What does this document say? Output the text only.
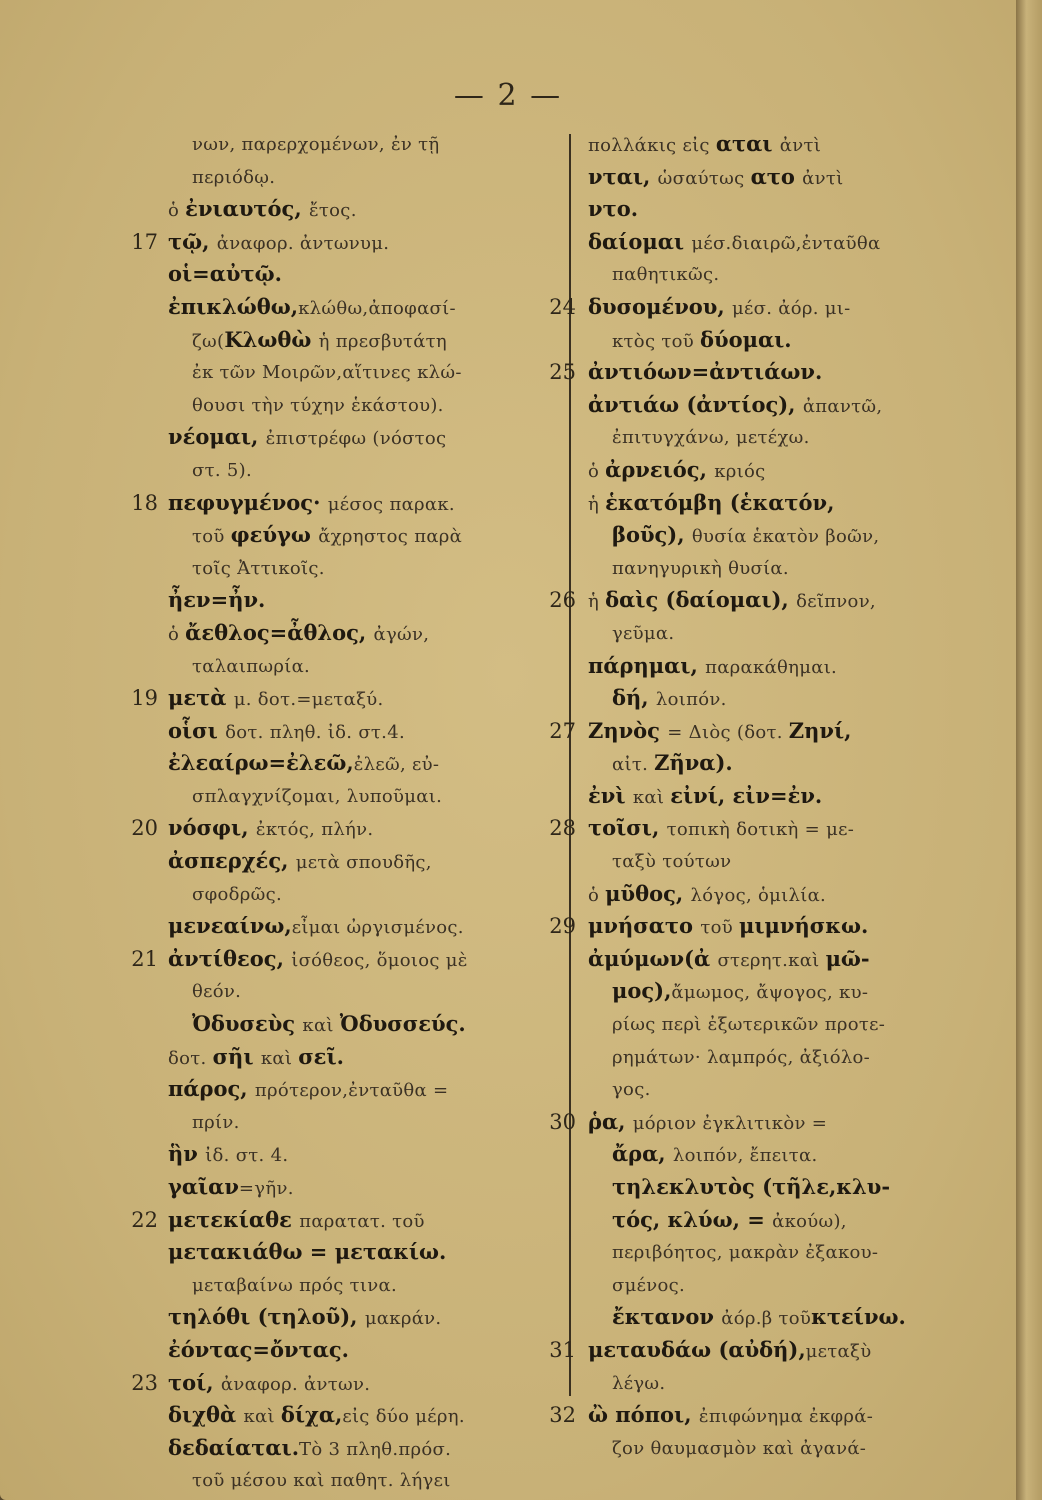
— 2 —
νων, παρερχομένων, ἐν τῇ
περιόδῳ.
ὁ ἐνιαυτός, ἔτος.
17 τῷ, ἀναφορ. ἀντωνυμ.
οἱ=αὐτῷ.
ἐπικλώθω,κλώθω,ἀποφασί-
ζω(Κλωθὼ ἡ πρεσβυτάτη
ἐκ τῶν Μοιρῶν,αἵτινες κλώ-
θουσι τὴν τύχην ἑκάστου).
νέομαι, ἐπιστρέφω (νόστος
στ. 5).
18 πεφυγμένος· μέσος παρακ.
τοῦ φεύγω ἄχρηστος παρὰ
τοῖς Ἀττικοῖς.
ἦεν=ἦν.
ὁ ἄεθλος=ἆθλος, ἀγών,
ταλαιπωρία.
19 μετὰ μ. δοτ.=μεταξύ.
οἷσι δοτ. πληθ. ἰδ. στ.4.
ἐλεαίρω=ἐλεῶ,ἐλεῶ, εὐ-
σπλαγχνίζομαι, λυποῦμαι.
20 νόσφι, ἐκτός, πλήν.
ἀσπερχές, μετὰ σπουδῆς,
σφοδρῶς.
μενεαίνω,εἶμαι ὠργισμένος.
21 ἀντίθεος, ἰσόθεος, ὅμοιος μὲ
θεόν.
Ὀδυσεὺς καὶ Ὀδυσσεύς.
δοτ. σῆι καὶ σεῖ.
πάρος, πρότερον,ἐνταῦθα =
πρίν.
ἣν ἰδ. στ. 4.
γαῖαν=γῆν.
22 μετεκίαθε παρατατ. τοῦ
μετακιάθω = μετακίω.
μεταβαίνω πρός τινα.
τηλόθι (τηλοῦ), μακράν.
ἐόντας=ὄντας.
23 τοί, ἀναφορ. ἀντων.
διχθὰ καὶ δίχα,εἰς δύο μέρη.
δεδαίαται.Τὸ 3 πληθ.πρόσ.
τοῦ μέσου καὶ παθητ. λήγει
πολλάκις εἰς αται ἀντὶ
νται, ὡσαύτως ατο ἀντὶ
ντο.
δαίομαι μέσ.διαιρῶ,ἐνταῦθα
παθητικῶς.
24 δυσομένου, μέσ. ἀόρ. μι-
κτὸς τοῦ δύομαι.
25 ἀντιόων=ἀντιάων.
ἀντιάω (ἀντίος), ἀπαντῶ,
ἐπιτυγχάνω, μετέχω.
ὁ ἀρνειός, κριός
ἡ ἑκατόμβη (ἑκατόν,
βοῦς), θυσία ἑκατὸν βοῶν,
πανηγυρικὴ θυσία.
26 ἡ δαὶς (δαίομαι), δεῖπνον,
γεῦμα.
πάρημαι, παρακάθημαι.
δή, λοιπόν.
27 Ζηνὸς = Διὸς (δοτ. Ζηνί,
αἰτ. Ζῆνα).
ἐνὶ καὶ εἰνί, εἰν=ἐν.
28 τοῖσι, τοπικὴ δοτικὴ = με-
ταξὺ τούτων
ὁ μῦθος, λόγος, ὁμιλία.
29 μνήσατο τοῦ μιμνήσκω.
ἀμύμων(ἀ στερητ.καὶ μῶ-
μος),ἄμωμος, ἄψογος, κυ-
ρίως περὶ ἐξωτερικῶν προτε-
ρημάτων· λαμπρός, ἀξιόλο-
γος.
30 ῥα, μόριον ἐγκλιτικὸν =
ἄρα, λοιπόν, ἔπειτα.
τηλεκλυτὸς (τῆλε,κλυ-
τός, κλύω, = ἀκούω),
περιβόητος, μακρὰν ἐξακου-
σμένος.
ἔκτανον ἀόρ.β τοῦκτείνω.
31 μεταυδάω (αὐδή),μεταξὺ
λέγω.
32 ὢ πόποι, ἐπιφώνημα ἐκφρά-
ζον θαυμασμὸν καὶ ἀγανά-
